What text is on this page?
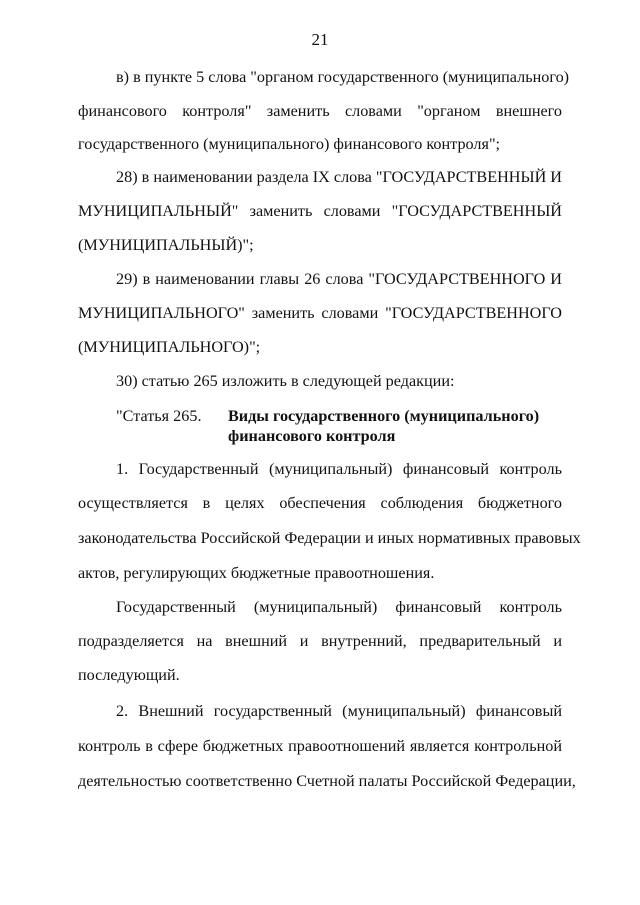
21
в) в пункте 5 слова "органом государственного (муниципального)
финансового контроля" заменить словами "органом внешнего
государственного (муниципального) финансового контроля";
28) в наименовании раздела IX слова "ГОСУДАРСТВЕННЫЙ И
МУНИЦИПАЛЬНЫЙ" заменить словами "ГОСУДАРСТВЕННЫЙ
(МУНИЦИПАЛЬНЫЙ)";
29) в наименовании главы 26 слова "ГОСУДАРСТВЕННОГО И
МУНИЦИПАЛЬНОГО" заменить словами "ГОСУДАРСТВЕННОГО
(МУНИЦИПАЛЬНОГО)";
30) статью 265 изложить в следующей редакции:
"Статья 265. Виды государственного (муниципального)
финансового контроля
1. Государственный (муниципальный) финансовый контроль
осуществляется в целях обеспечения соблюдения бюджетного
законодательства Российской Федерации и иных нормативных правовых
актов, регулирующих бюджетные правоотношения.
Государственный (муниципальный) финансовый контроль
подразделяется на внешний и внутренний, предварительный и
последующий.
2. Внешний государственный (муниципальный) финансовый
контроль в сфере бюджетных правоотношений является контрольной
деятельностью соответственно Счетной палаты Российской Федерации,
